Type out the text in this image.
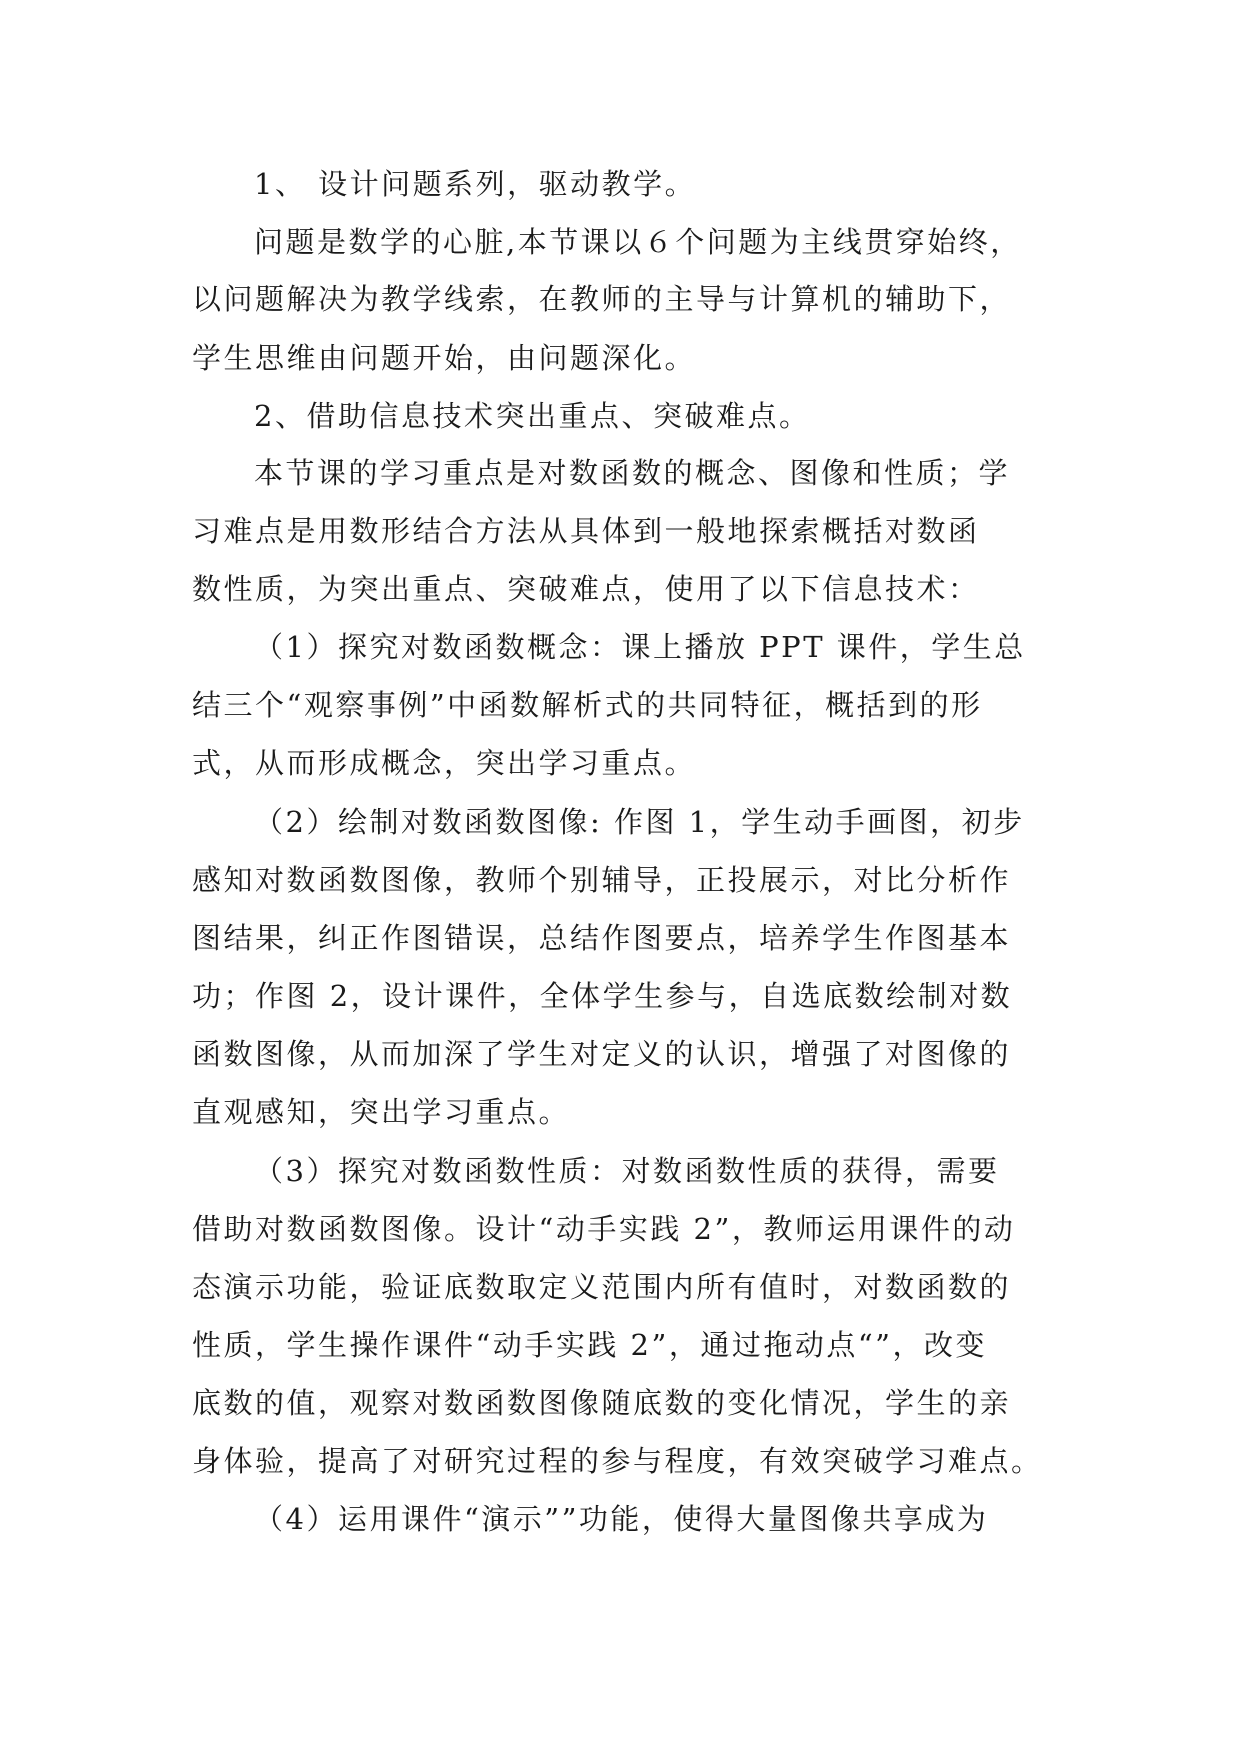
1、 设计问题系列，驱动教学。
问题是数学的心脏,本节课以６个问题为主线贯穿始终，
以问题解决为教学线索，在教师的主导与计算机的辅助下，
学生思维由问题开始，由问题深化。
2、借助信息技术突出重点、突破难点。
本节课的学习重点是对数函数的概念、图像和性质；学
习难点是用数形结合方法从具体到一般地探索概括对数函
数性质，为突出重点、突破难点，使用了以下信息技术：
（1）探究对数函数概念：课上播放 PPT 课件，学生总
结三个“观察事例”中函数解析式的共同特征，概括到的形
式，从而形成概念，突出学习重点。
（2）绘制对数函数图像: 作图 1，学生动手画图，初步
感知对数函数图像，教师个别辅导，正投展示，对比分析作
图结果，纠正作图错误，总结作图要点，培养学生作图基本
功；作图 2，设计课件，全体学生参与，自选底数绘制对数
函数图像，从而加深了学生对定义的认识，增强了对图像的
直观感知，突出学习重点。
（3）探究对数函数性质：对数函数性质的获得，需要
借助对数函数图像。设计“动手实践 2”，教师运用课件的动
态演示功能，验证底数取定义范围内所有值时，对数函数的
性质，学生操作课件“动手实践 2”，通过拖动点“”，改变
底数的值，观察对数函数图像随底数的变化情况，学生的亲
身体验，提高了对研究过程的参与程度，有效突破学习难点。
（4）运用课件“演示””功能，使得大量图像共享成为
